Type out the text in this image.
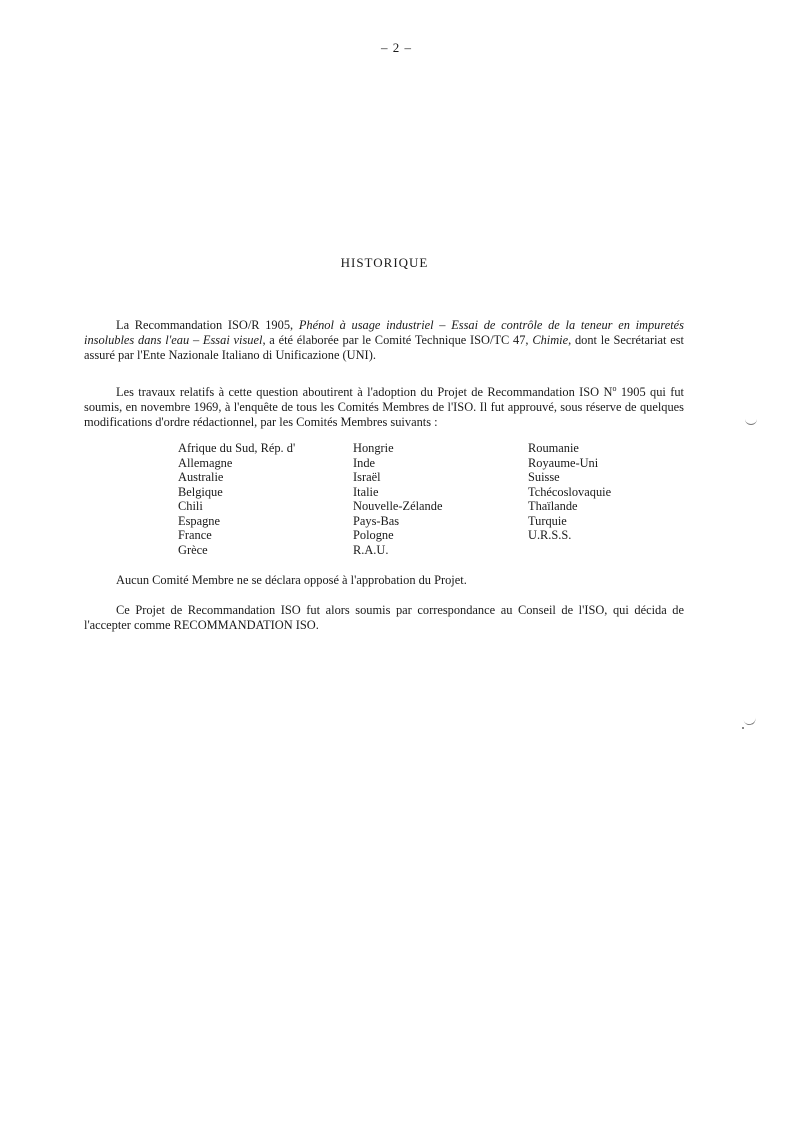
– 2 –
HISTORIQUE

La Recommandation ISO/R 1905, Phénol à usage industriel – Essai de contrôle de la teneur en impuretés insolubles dans l'eau – Essai visuel, a été élaborée par le Comité Technique ISO/TC 47, Chimie, dont le Secrétariat est assuré par l'Ente Nazionale Italiano di Unificazione (UNI).

Les travaux relatifs à cette question aboutirent à l'adoption du Projet de Recommandation ISO $N^o$ 1905 qui fut soumis, en novembre 1969, à l'enquête de tous les Comités Membres de l'ISO. Il fut approuvé, sous réserve de quelques modifications d'ordre rédactionnel, par les Comités Membres suivants :

Afrique du Sud, Rép. d'
Allemagne
Australie
Belgique
Chili
Espagne
France
Grèce
Hongrie
Inde
Israël
Italie
Nouvelle-Zélande
Pays-Bas
Pologne
R.A.U.
Roumanie
Royaume-Uni
Suisse
Tchécoslovaquie
Thaïlande
Turquie
U.R.S.S.

Aucun Comité Membre ne se déclara opposé à l'approbation du Projet.

Ce Projet de Recommandation ISO fut alors soumis par correspondance au Conseil de l'ISO, qui décida de l'accepter comme RECOMMANDATION ISO.
